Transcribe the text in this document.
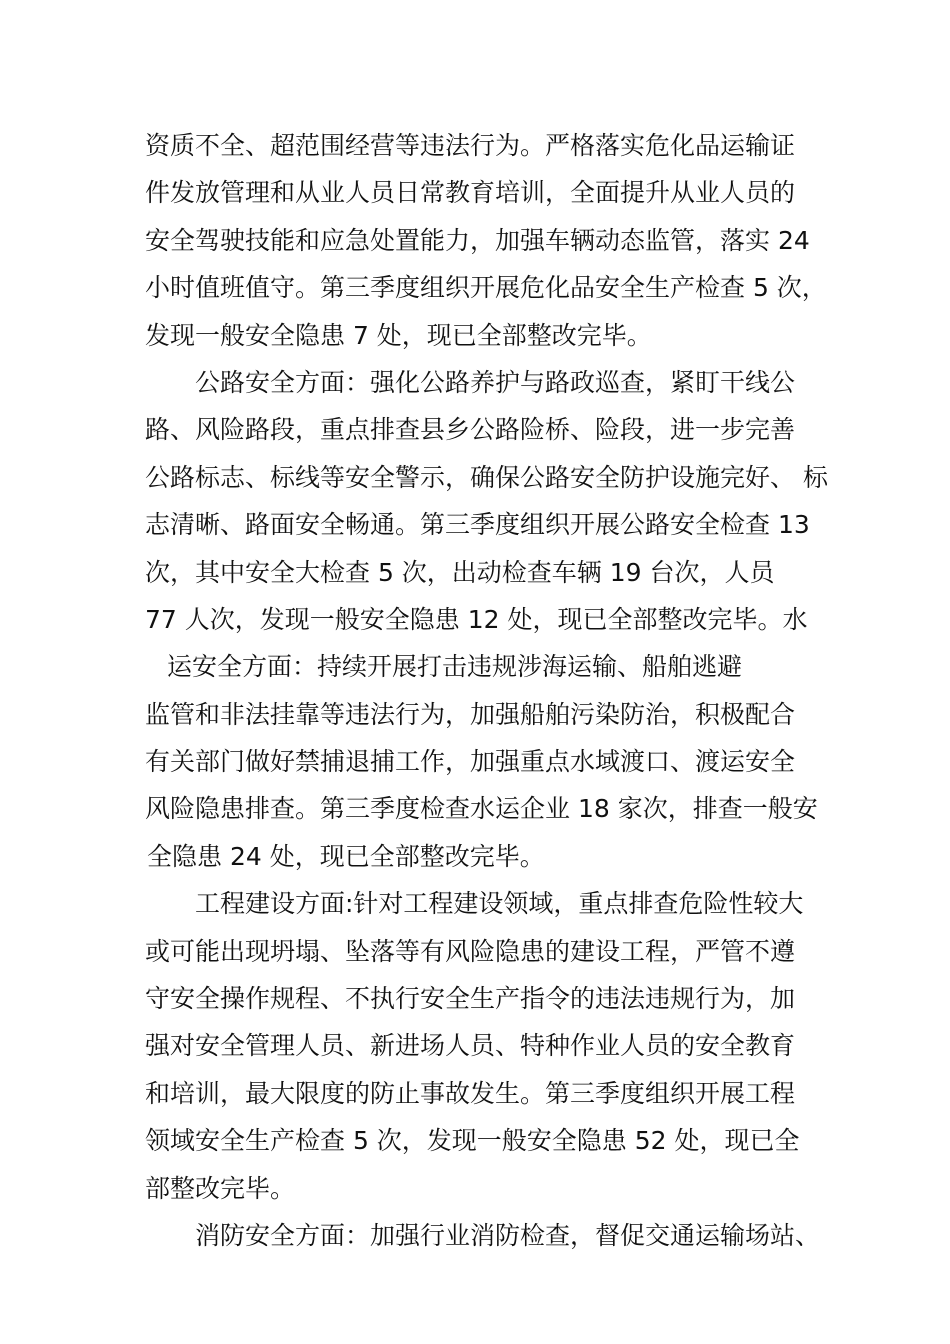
资质不全、超范围经营等违法行为。严格落实危化品运输证
件发放管理和从业人员日常教育培训，全面提升从业人员的
安全驾驶技能和应急处置能力，加强车辆动态监管，落实 24
小时值班值守。第三季度组织开展危化品安全生产检查 5 次，
发现一般安全隐患 7 处，现已全部整改完毕。
公路安全方面：强化公路养护与路政巡查，紧盯干线公
路、风险路段，重点排查县乡公路险桥、险段，进一步完善
公路标志、标线等安全警示，确保公路安全防护设施完好、 标
志清晰、路面安全畅通。第三季度组织开展公路安全检查 13
次，其中安全大检查 5 次，出动检查车辆 19 台次，人员
77 人次，发现一般安全隐患 12 处，现已全部整改完毕。水
运安全方面：持续开展打击违规涉海运输、船舶逃避
监管和非法挂靠等违法行为，加强船舶污染防治，积极配合
有关部门做好禁捕退捕工作，加强重点水域渡口、渡运安全
风险隐患排查。第三季度检查水运企业 18 家次，排查一般安
全隐患 24 处，现已全部整改完毕。
工程建设方面:针对工程建设领域，重点排查危险性较大
或可能出现坍塌、坠落等有风险隐患的建设工程，严管不遵
守安全操作规程、不执行安全生产指令的违法违规行为，加
强对安全管理人员、新进场人员、特种作业人员的安全教育
和培训，最大限度的防止事故发生。第三季度组织开展工程
领域安全生产检查 5 次，发现一般安全隐患 52 处，现已全
部整改完毕。
消防安全方面：加强行业消防检查，督促交通运输场站、
